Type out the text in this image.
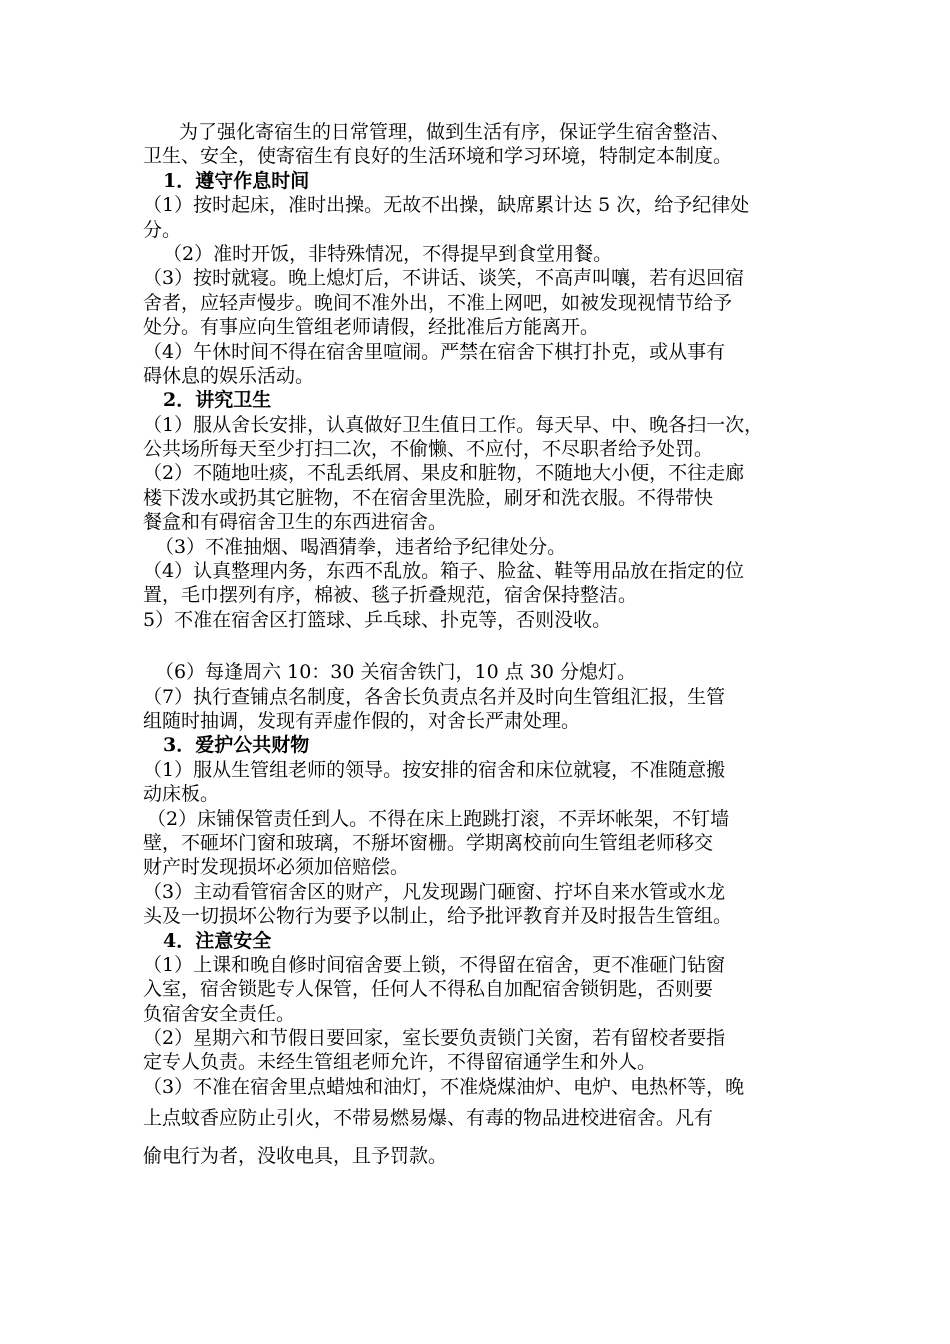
为了强化寄宿生的日常管理，做到生活有序，保证学生宿舍整洁、

卫生、安全，使寄宿生有良好的生活环境和学习环境，特制定本制度。

1．遵守作息时间

（1）按时起床，准时出操。无故不出操，缺席累计达 5 次，给予纪律处

分。

（2）准时开饭，非特殊情况，不得提早到食堂用餐。

（3）按时就寝。晚上熄灯后，不讲话、谈笑，不高声叫嚷，若有迟回宿

舍者，应轻声慢步。晚间不准外出，不准上网吧，如被发现视情节给予

处分。有事应向生管组老师请假，经批准后方能离开。

（4）午休时间不得在宿舍里喧闹。严禁在宿舍下棋打扑克，或从事有

碍休息的娱乐活动。

2．讲究卫生

（1）服从舍长安排，认真做好卫生值日工作。每天早、中、晚各扫一次，

公共场所每天至少打扫二次，不偷懒、不应付，不尽职者给予处罚。

（2）不随地吐痰，不乱丢纸屑、果皮和脏物，不随地大小便，不往走廊

楼下泼水或扔其它脏物，不在宿舍里洗脸，刷牙和洗衣服。不得带快

餐盒和有碍宿舍卫生的东西进宿舍。

（3）不准抽烟、喝酒猜拳，违者给予纪律处分。

（4）认真整理内务，东西不乱放。箱子、脸盆、鞋等用品放在指定的位

置，毛巾摆列有序，棉被、毯子折叠规范，宿舍保持整洁。

5）不准在宿舍区打篮球、乒乓球、扑克等，否则没收。

（6）每逢周六 10：30 关宿舍铁门，10 点 30 分熄灯。

（7）执行查铺点名制度，各舍长负责点名并及时向生管组汇报，生管

组随时抽调，发现有弄虚作假的，对舍长严肃处理。

3．爱护公共财物

（1）服从生管组老师的领导。按安排的宿舍和床位就寝，不准随意搬

动床板。

（2）床铺保管责任到人。不得在床上跑跳打滚，不弄坏帐架，不钉墙

壁，不砸坏门窗和玻璃，不掰坏窗栅。学期离校前向生管组老师移交

财产时发现损坏必须加倍赔偿。

（3）主动看管宿舍区的财产，凡发现踢门砸窗、拧坏自来水管或水龙

头及一切损坏公物行为要予以制止，给予批评教育并及时报告生管组。

4．注意安全

（1）上课和晚自修时间宿舍要上锁，不得留在宿舍，更不准砸门钻窗

入室，宿舍锁匙专人保管，任何人不得私自加配宿舍锁钥匙，否则要

负宿舍安全责任。

（2）星期六和节假日要回家，室长要负责锁门关窗，若有留校者要指

定专人负责。未经生管组老师允许，不得留宿通学生和外人。

（3）不准在宿舍里点蜡烛和油灯，不准烧煤油炉、电炉、电热杯等，晚

上点蚊香应防止引火，不带易燃易爆、有毒的物品进校进宿舍。凡有

偷电行为者，没收电具，且予罚款。
